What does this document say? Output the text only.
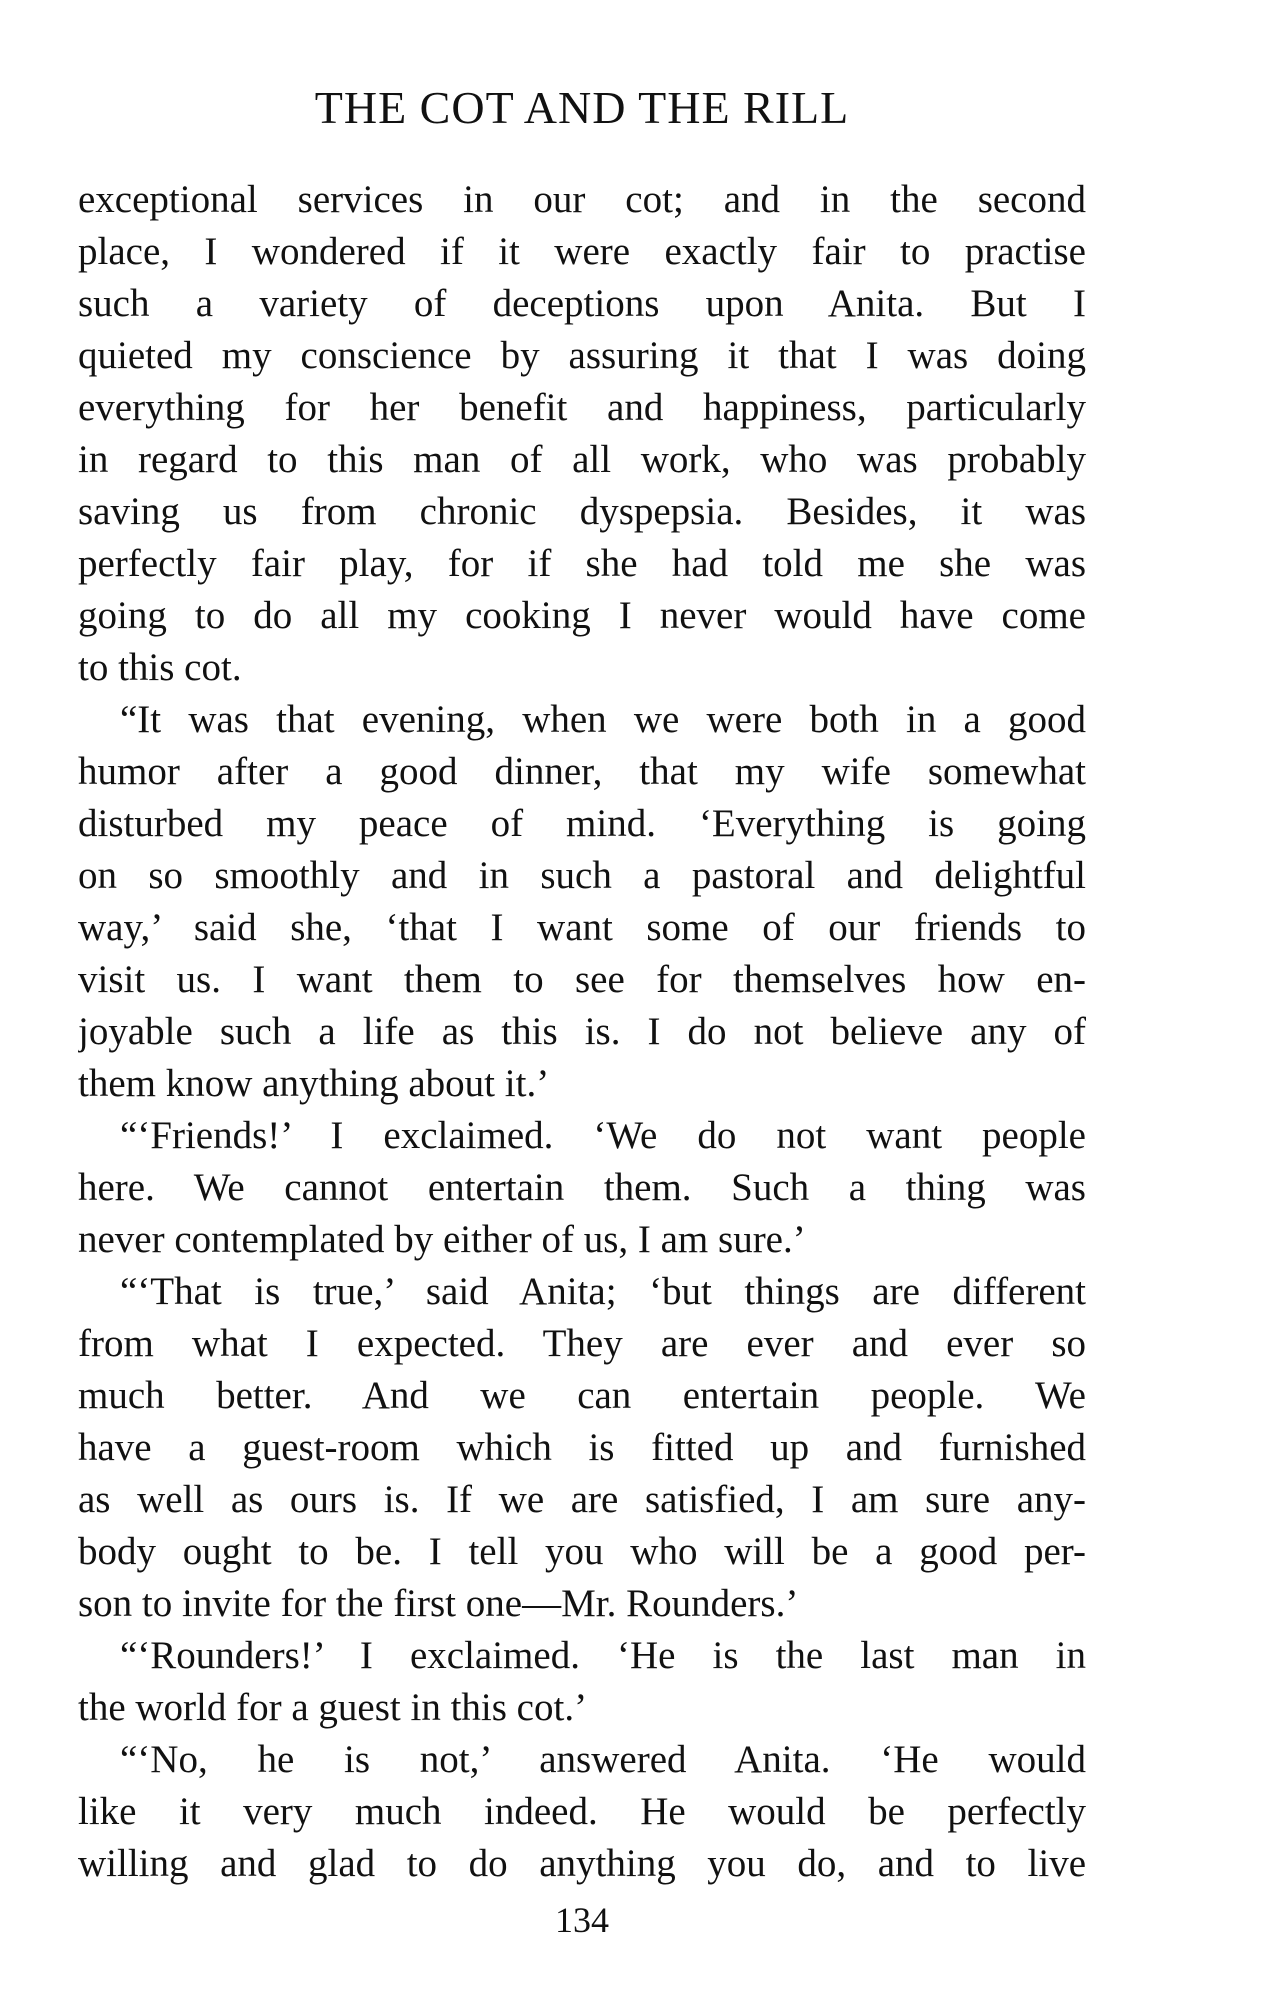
THE COT AND THE RILL
exceptional services in our cot; and in the second
place, I wondered if it were exactly fair to practise
such a variety of deceptions upon Anita. But I
quieted my conscience by assuring it that I was doing
everything for her benefit and happiness, particularly
in regard to this man of all work, who was probably
saving us from chronic dyspepsia. Besides, it was
perfectly fair play, for if she had told me she was
going to do all my cooking I never would have come
to this cot.
“It was that evening, when we were both in a good
humor after a good dinner, that my wife somewhat
disturbed my peace of mind. ‘Everything is going
on so smoothly and in such a pastoral and delightful
way,’ said she, ‘that I want some of our friends to
visit us. I want them to see for themselves how en-
joyable such a life as this is. I do not believe any of
them know anything about it.’
“‘Friends!’ I exclaimed. ‘We do not want people
here. We cannot entertain them. Such a thing was
never contemplated by either of us, I am sure.’
“‘That is true,’ said Anita; ‘but things are different
from what I expected. They are ever and ever so
much better. And we can entertain people. We
have a guest-room which is fitted up and furnished
as well as ours is. If we are satisfied, I am sure any-
body ought to be. I tell you who will be a good per-
son to invite for the first one—Mr. Rounders.’
“‘Rounders!’ I exclaimed. ‘He is the last man in
the world for a guest in this cot.’
“‘No, he is not,’ answered Anita. ‘He would
like it very much indeed. He would be perfectly
willing and glad to do anything you do, and to live
134
